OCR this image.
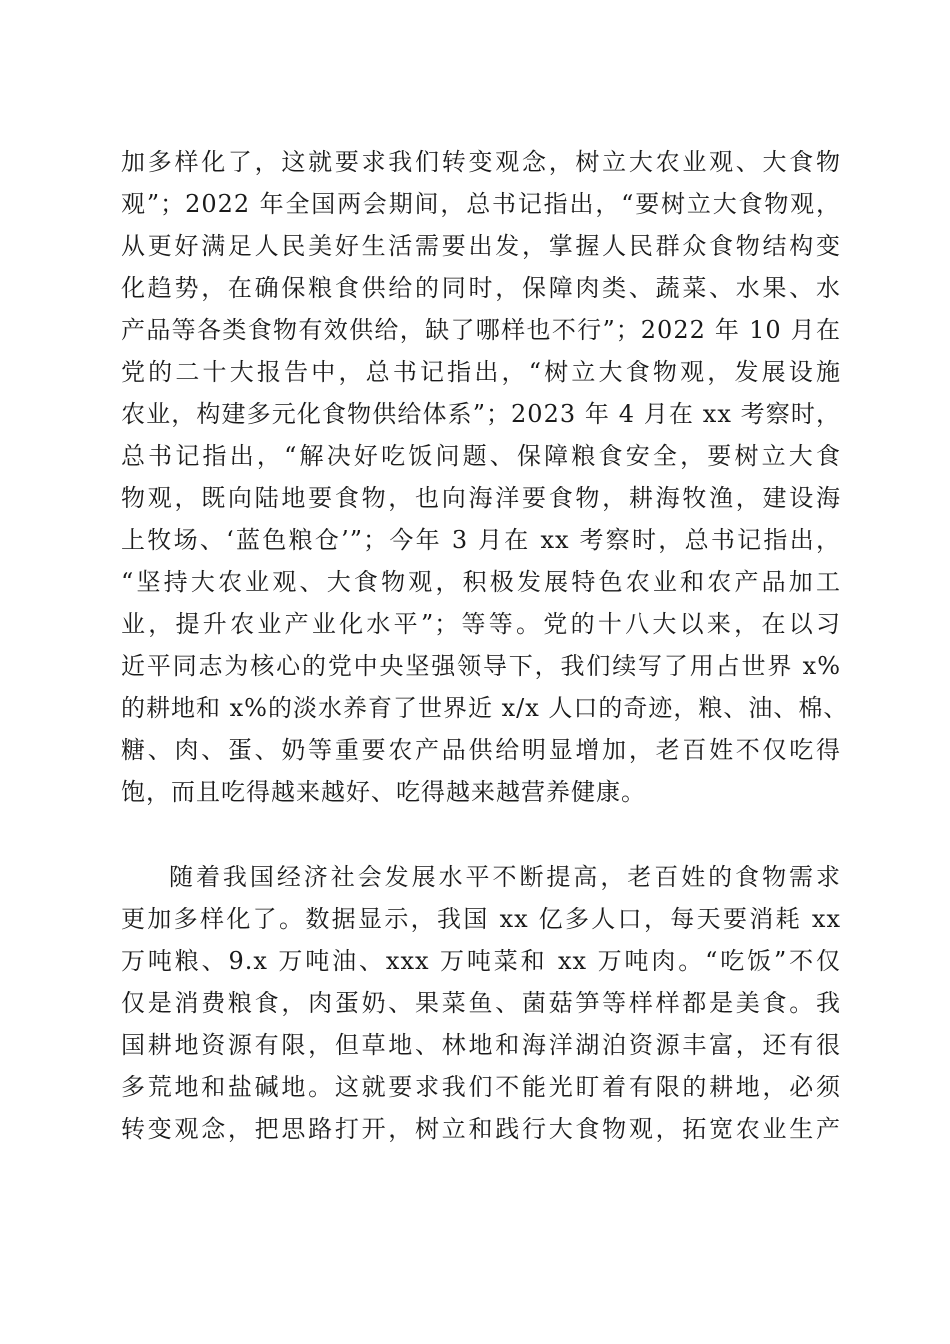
加多样化了，这就要求我们转变观念，树立大农业观、大食物
观”；2022 年全国两会期间，总书记指出，“要树立大食物观，
从更好满足人民美好生活需要出发，掌握人民群众食物结构变
化趋势，在确保粮食供给的同时，保障肉类、蔬菜、水果、水
产品等各类食物有效供给，缺了哪样也不行”；2022 年 10 月在
党的二十大报告中，总书记指出，“树立大食物观，发展设施
农业，构建多元化食物供给体系”；2023 年 4 月在 xx 考察时，
总书记指出，“解决好吃饭问题、保障粮食安全，要树立大食
物观，既向陆地要食物，也向海洋要食物，耕海牧渔，建设海
上牧场、‘蓝色粮仓’”；今年 3 月在 xx 考察时，总书记指出，
“坚持大农业观、大食物观，积极发展特色农业和农产品加工
业，提升农业产业化水平”；等等。党的十八大以来，在以习
近平同志为核心的党中央坚强领导下，我们续写了用占世界 x%
的耕地和 x%的淡水养育了世界近 x/x 人口的奇迹，粮、油、棉、
糖、肉、蛋、奶等重要农产品供给明显增加，老百姓不仅吃得
饱，而且吃得越来越好、吃得越来越营养健康。
随着我国经济社会发展水平不断提高，老百姓的食物需求
更加多样化了。数据显示，我国 xx 亿多人口，每天要消耗 xx
万吨粮、9.x 万吨油、xxx 万吨菜和 xx 万吨肉。“吃饭”不仅
仅是消费粮食，肉蛋奶、果菜鱼、菌菇笋等样样都是美食。我
国耕地资源有限，但草地、林地和海洋湖泊资源丰富，还有很
多荒地和盐碱地。这就要求我们不能光盯着有限的耕地，必须
转变观念，把思路打开，树立和践行大食物观，拓宽农业生产
